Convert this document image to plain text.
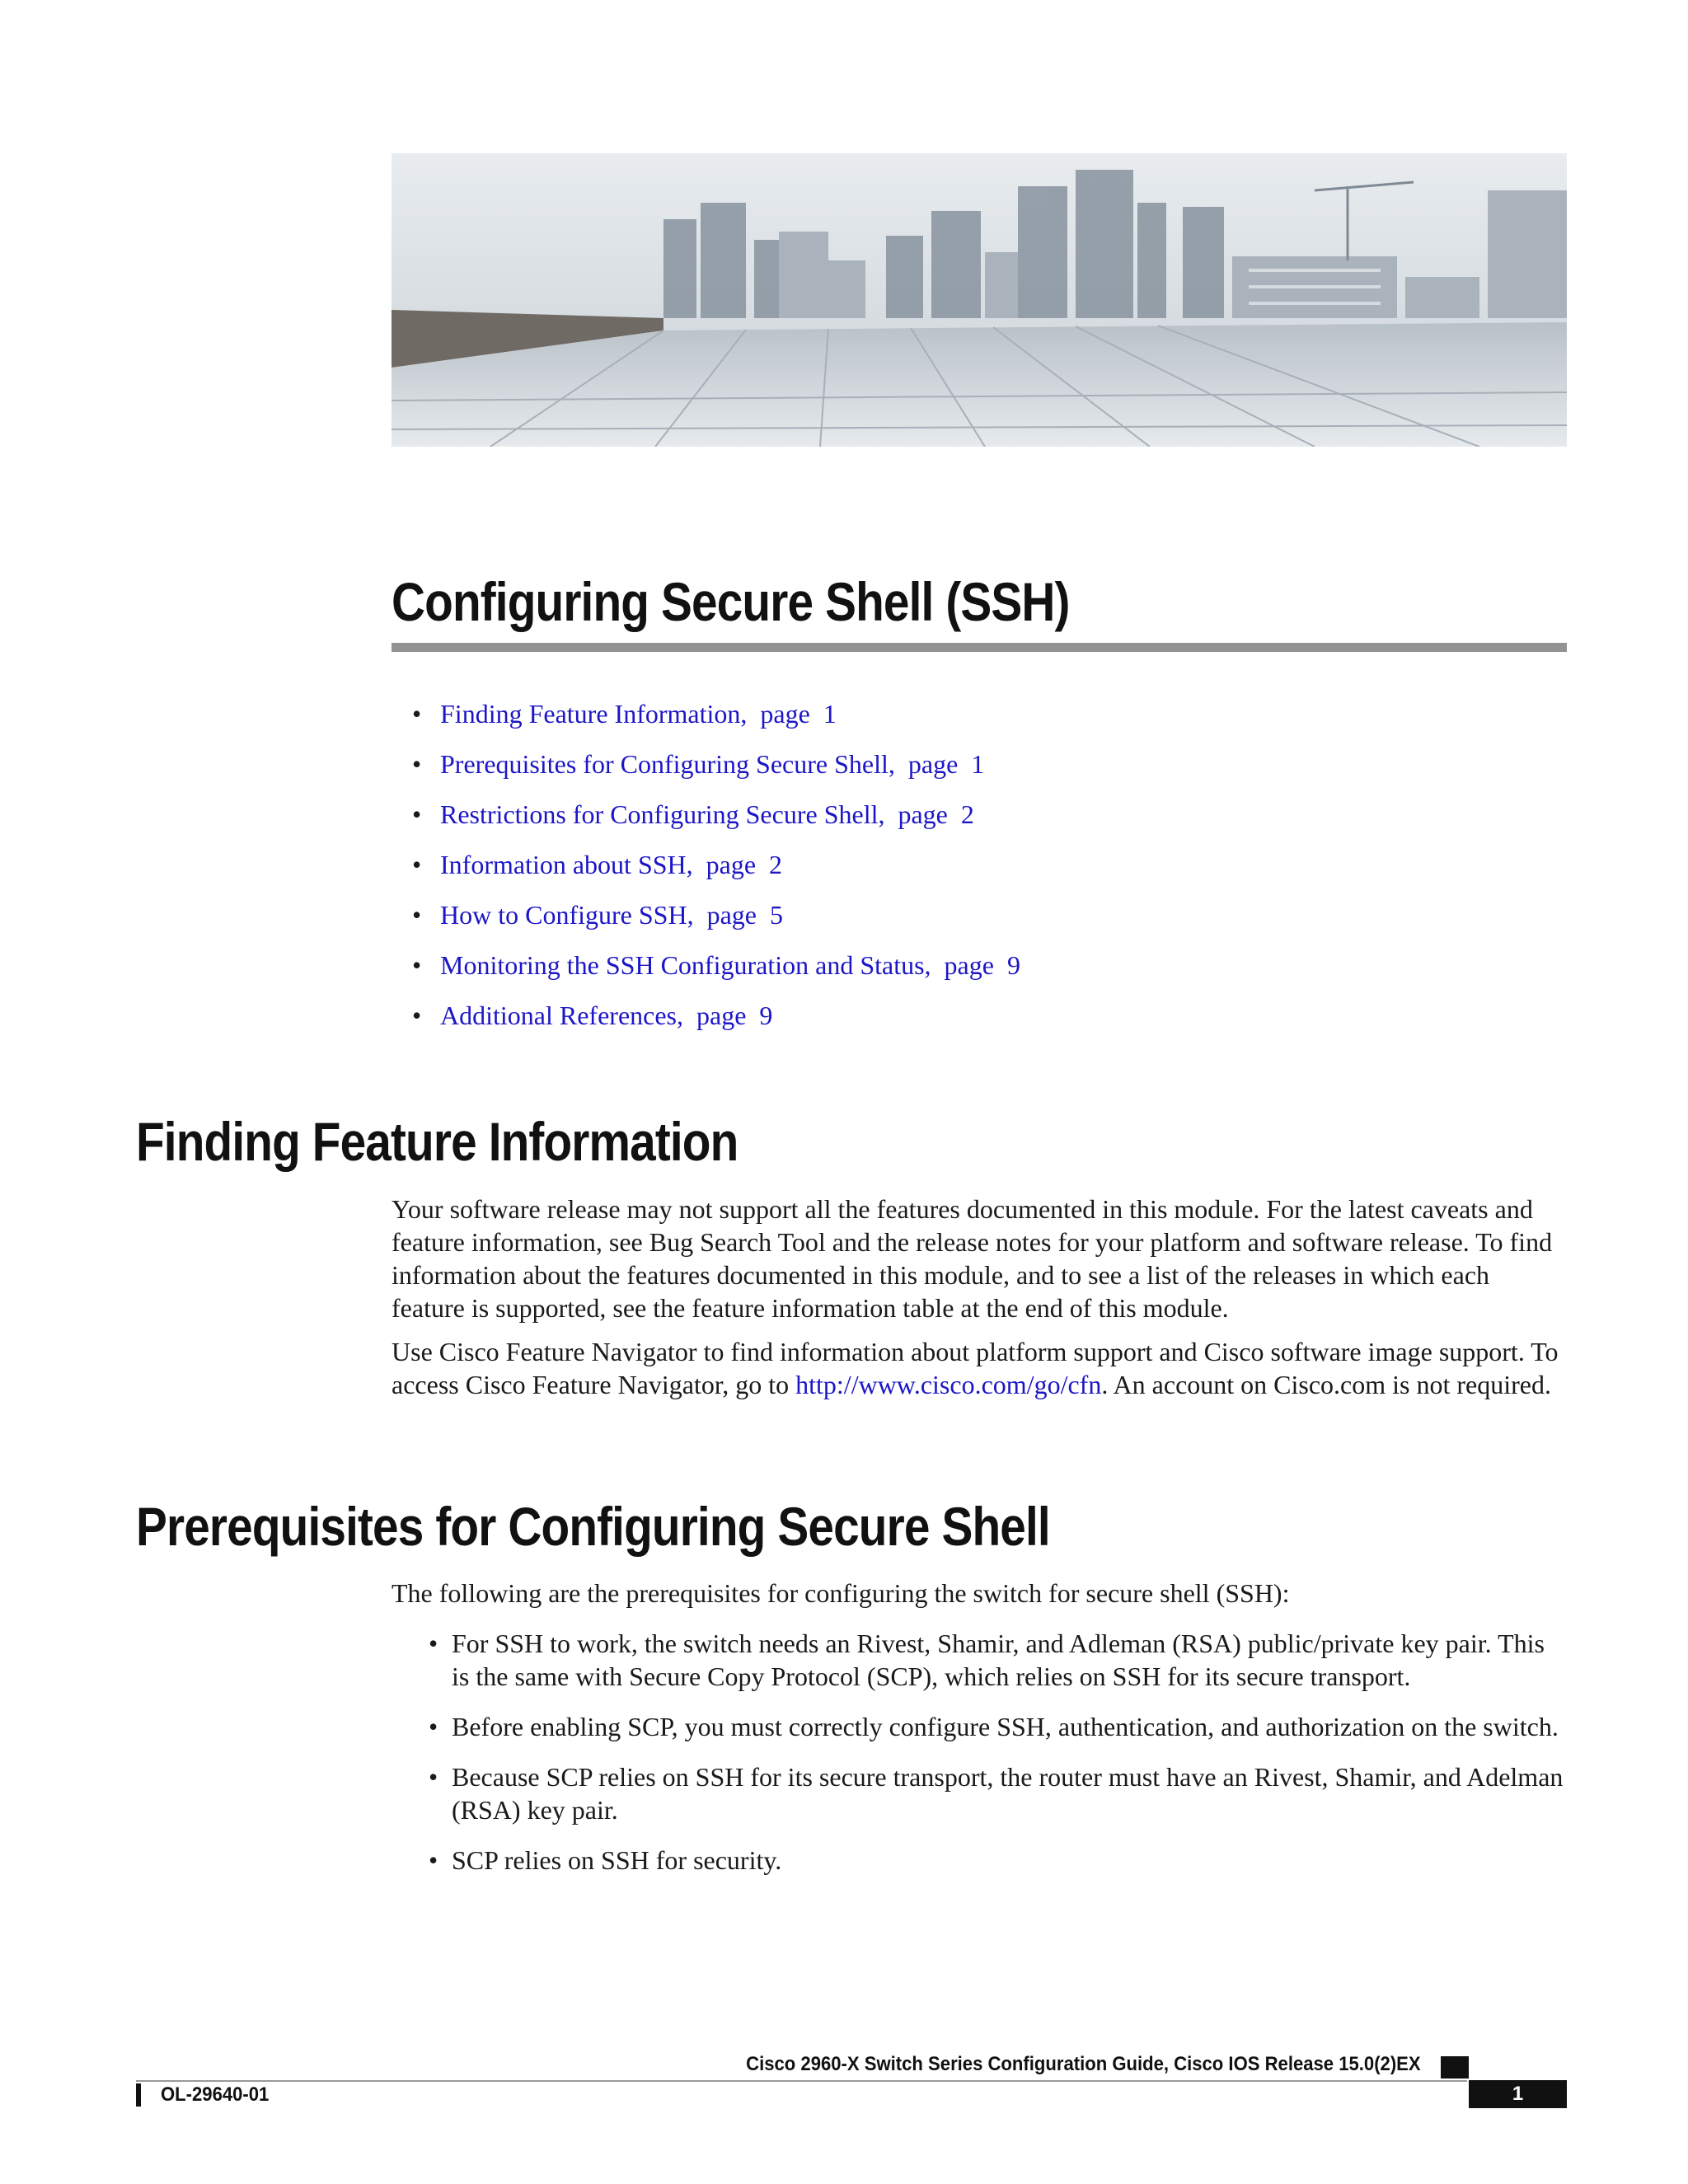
Configuring Secure Shell (SSH)
• Finding Feature Information,  page  1
• Prerequisites for Configuring Secure Shell,  page  1
• Restrictions for Configuring Secure Shell,  page  2
• Information about SSH,  page  2
• How to Configure SSH,  page  5
• Monitoring the SSH Configuration and Status,  page  9
• Additional References,  page  9
Finding Feature Information

Your software release may not support all the features documented in this module. For the latest caveats and feature information, see Bug Search Tool and the release notes for your platform and software release. To find information about the features documented in this module, and to see a list of the releases in which each feature is supported, see the feature information table at the end of this module.

Use Cisco Feature Navigator to find information about platform support and Cisco software image support. To access Cisco Feature Navigator, go to http://www.cisco.com/go/cfn. An account on Cisco.com is not required.

Prerequisites for Configuring Secure Shell

The following are the prerequisites for configuring the switch for secure shell (SSH):

• For SSH to work, the switch needs an Rivest, Shamir, and Adleman (RSA) public/private key pair. This is the same with Secure Copy Protocol (SCP), which relies on SSH for its secure transport.
• Before enabling SCP, you must correctly configure SSH, authentication, and authorization on the switch.
• Because SCP relies on SSH for its secure transport, the router must have an Rivest, Shamir, and Adelman (RSA) key pair.
• SCP relies on SSH for security.

Cisco 2960-X Switch Series Configuration Guide, Cisco IOS Release 15.0(2)EX

OL-29640-01	1
